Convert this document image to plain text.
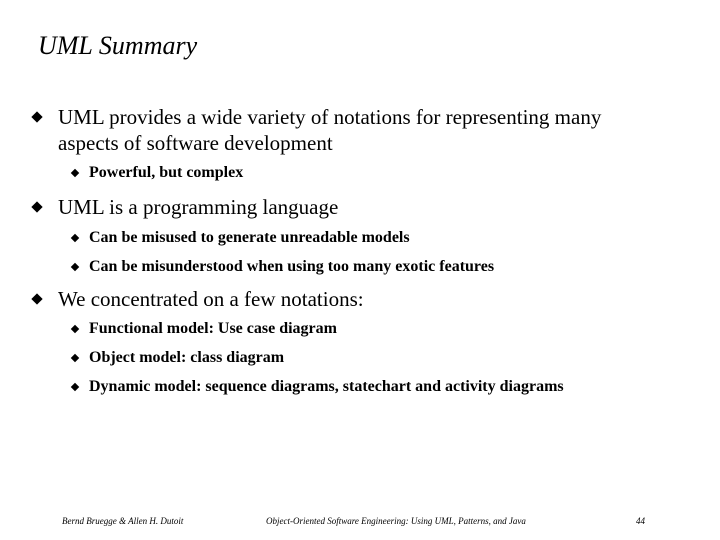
UML Summary
UML provides a wide variety of notations for representing many aspects of software development
Powerful, but complex
UML is a programming language
Can be misused to generate unreadable models
Can be misunderstood when using too many exotic features
We concentrated on a few notations:
Functional model: Use case diagram
Object model: class diagram
Dynamic model: sequence diagrams, statechart and activity diagrams
Bernd Bruegge & Allen H. Dutoit	Object-Oriented Software Engineering: Using UML, Patterns, and Java	44
